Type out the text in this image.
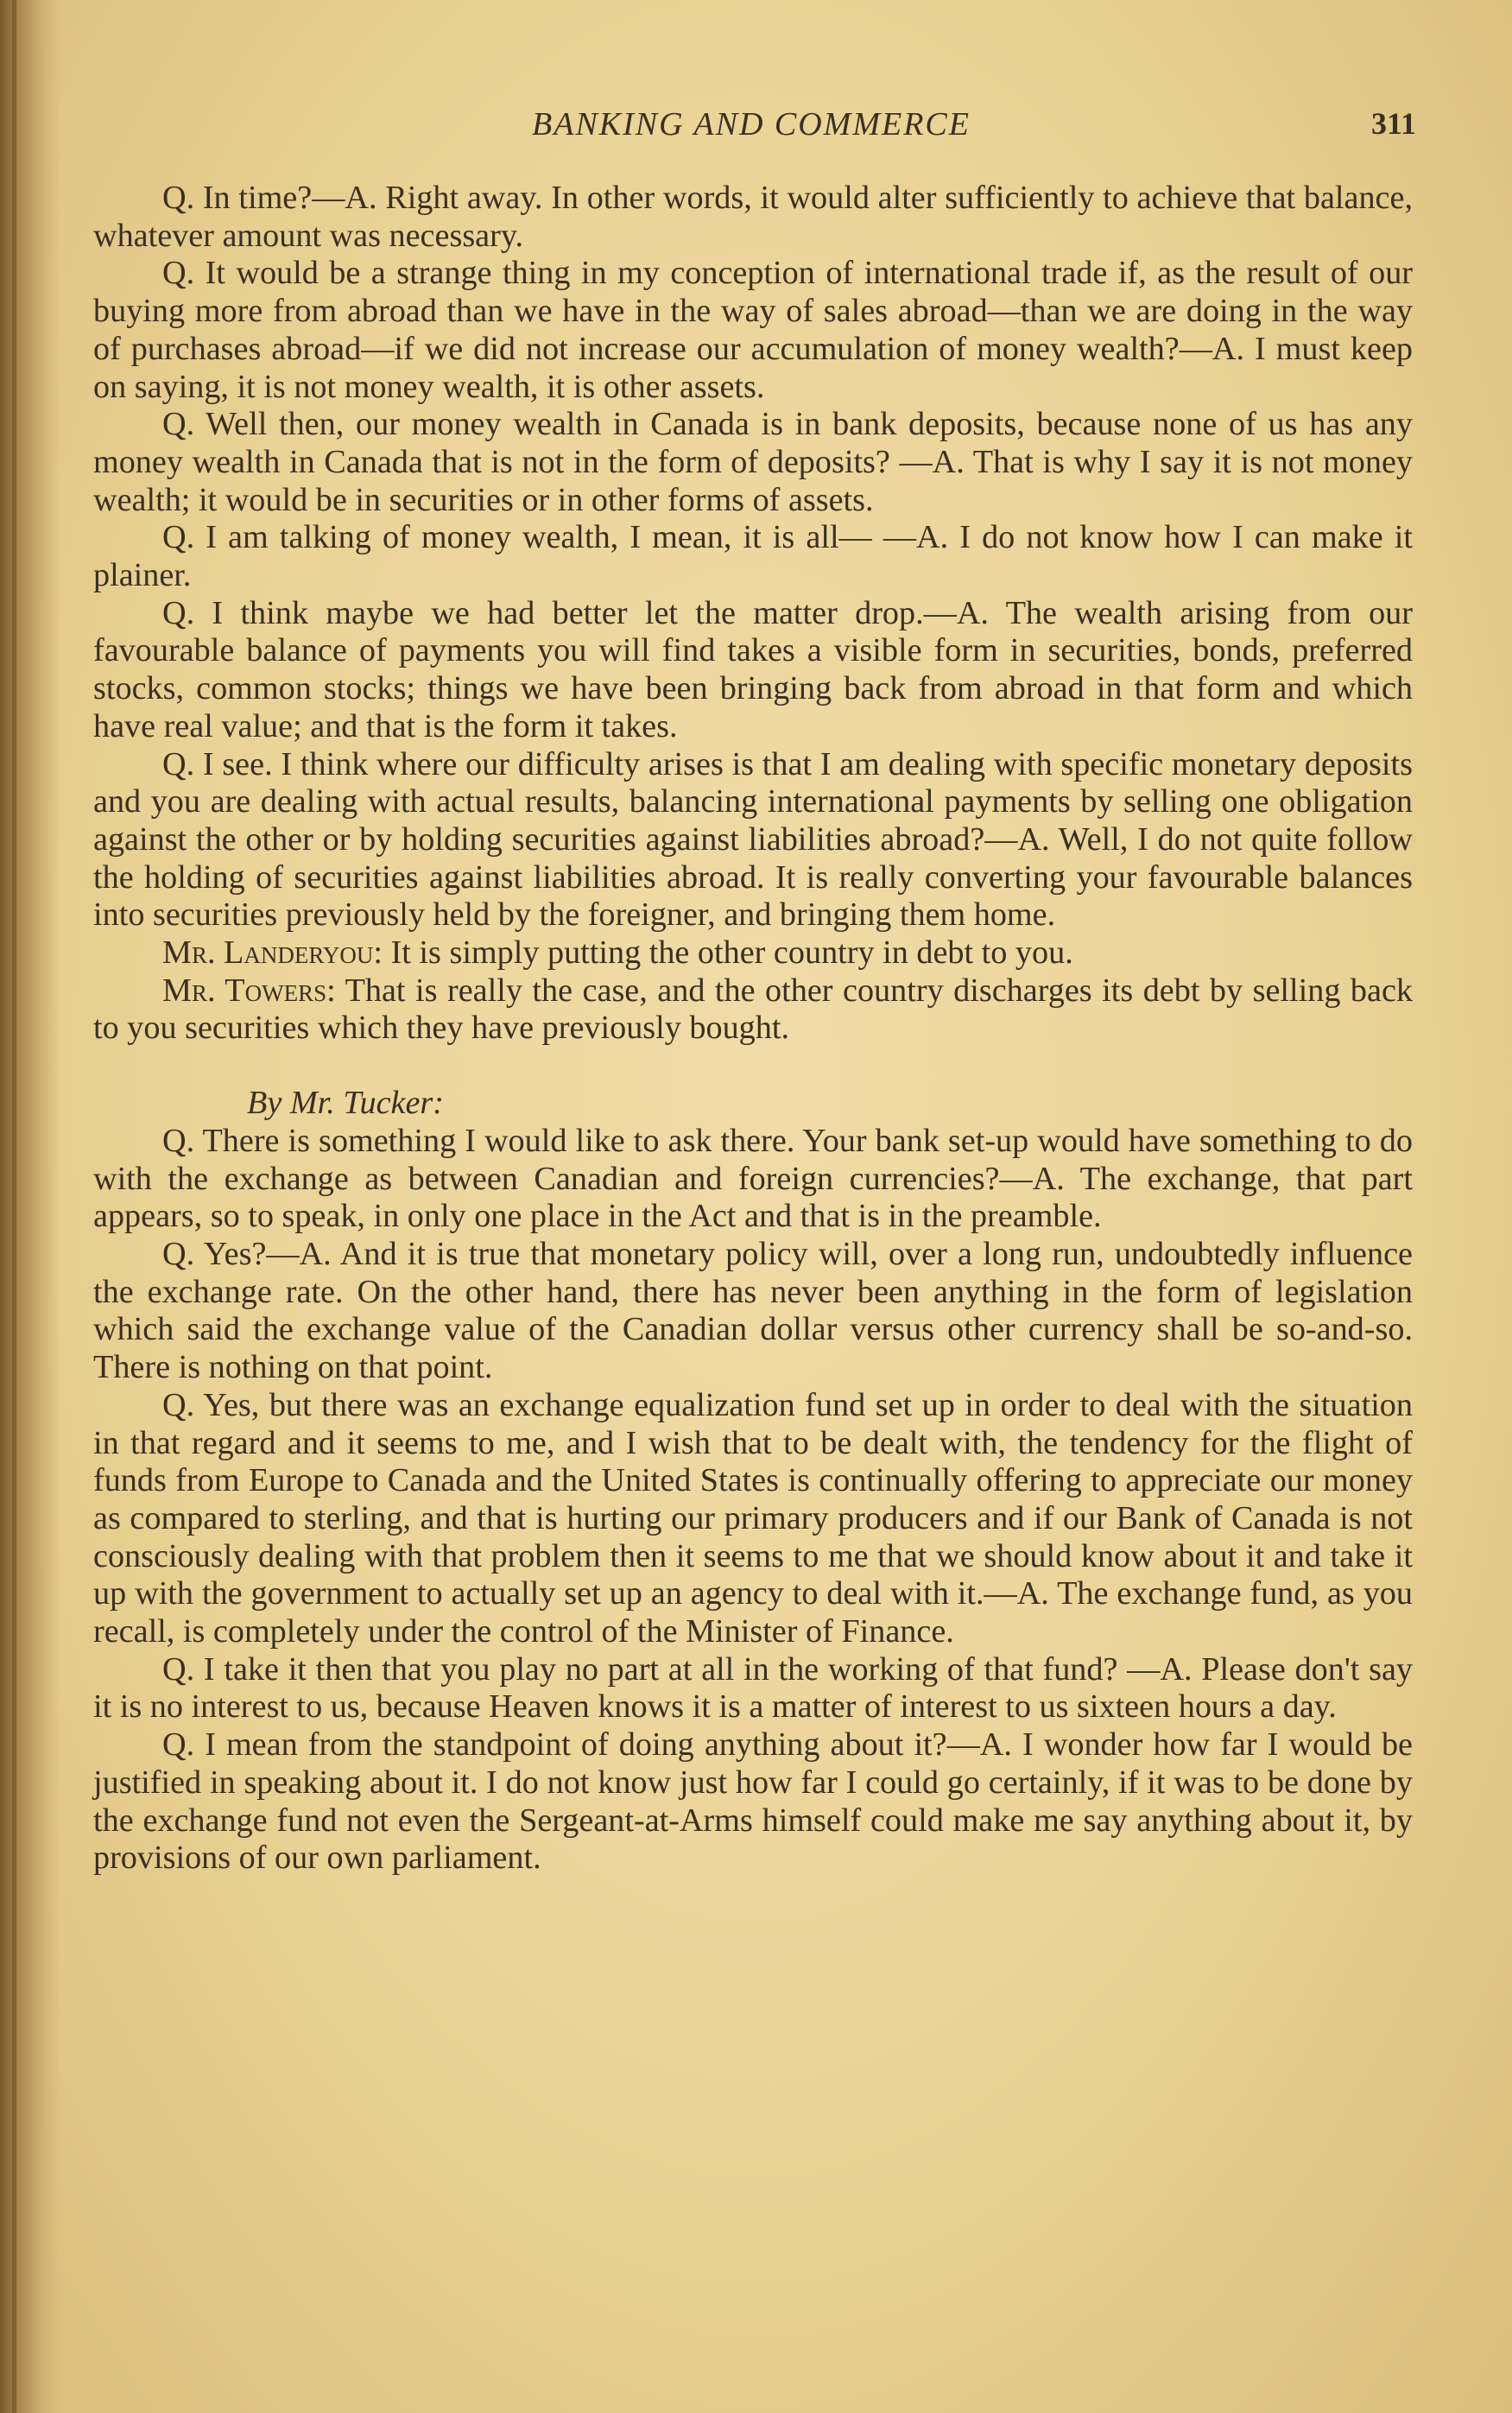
BANKING AND COMMERCE	311

Q. In time?—A. Right away. In other words, it would alter sufficiently to achieve that balance, whatever amount was necessary.

Q. It would be a strange thing in my conception of international trade if, as the result of our buying more from abroad than we have in the way of sales abroad—than we are doing in the way of purchases abroad—if we did not increase our accumulation of money wealth?—A. I must keep on saying, it is not money wealth, it is other assets.

Q. Well then, our money wealth in Canada is in bank deposits, because none of us has any money wealth in Canada that is not in the form of deposits? —A. That is why I say it is not money wealth; it would be in securities or in other forms of assets.

Q. I am talking of money wealth, I mean, it is all— —A. I do not know how I can make it plainer.

Q. I think maybe we had better let the matter drop.—A. The wealth arising from our favourable balance of payments you will find takes a visible form in securities, bonds, preferred stocks, common stocks; things we have been bringing back from abroad in that form and which have real value; and that is the form it takes.

Q. I see. I think where our difficulty arises is that I am dealing with specific monetary deposits and you are dealing with actual results, balancing international payments by selling one obligation against the other or by holding securities against liabilities abroad?—A. Well, I do not quite follow the holding of securities against liabilities abroad. It is really converting your favourable balances into securities previously held by the foreigner, and bringing them home.

Mr. Landeryou: It is simply putting the other country in debt to you.

Mr. Towers: That is really the case, and the other country discharges its debt by selling back to you securities which they have previously bought.

By Mr. Tucker:

Q. There is something I would like to ask there. Your bank set-up would have something to do with the exchange as between Canadian and foreign currencies?—A. The exchange, that part appears, so to speak, in only one place in the Act and that is in the preamble.

Q. Yes?—A. And it is true that monetary policy will, over a long run, undoubtedly influence the exchange rate. On the other hand, there has never been anything in the form of legislation which said the exchange value of the Canadian dollar versus other currency shall be so-and-so. There is nothing on that point.

Q. Yes, but there was an exchange equalization fund set up in order to deal with the situation in that regard and it seems to me, and I wish that to be dealt with, the tendency for the flight of funds from Europe to Canada and the United States is continually offering to appreciate our money as compared to sterling, and that is hurting our primary producers and if our Bank of Canada is not consciously dealing with that problem then it seems to me that we should know about it and take it up with the government to actually set up an agency to deal with it.—A. The exchange fund, as you recall, is completely under the control of the Minister of Finance.

Q. I take it then that you play no part at all in the working of that fund? —A. Please don't say it is no interest to us, because Heaven knows it is a matter of interest to us sixteen hours a day.

Q. I mean from the standpoint of doing anything about it?—A. I wonder how far I would be justified in speaking about it. I do not know just how far I could go certainly, if it was to be done by the exchange fund not even the Sergeant-at-Arms himself could make me say anything about it, by provisions of our own parliament.
